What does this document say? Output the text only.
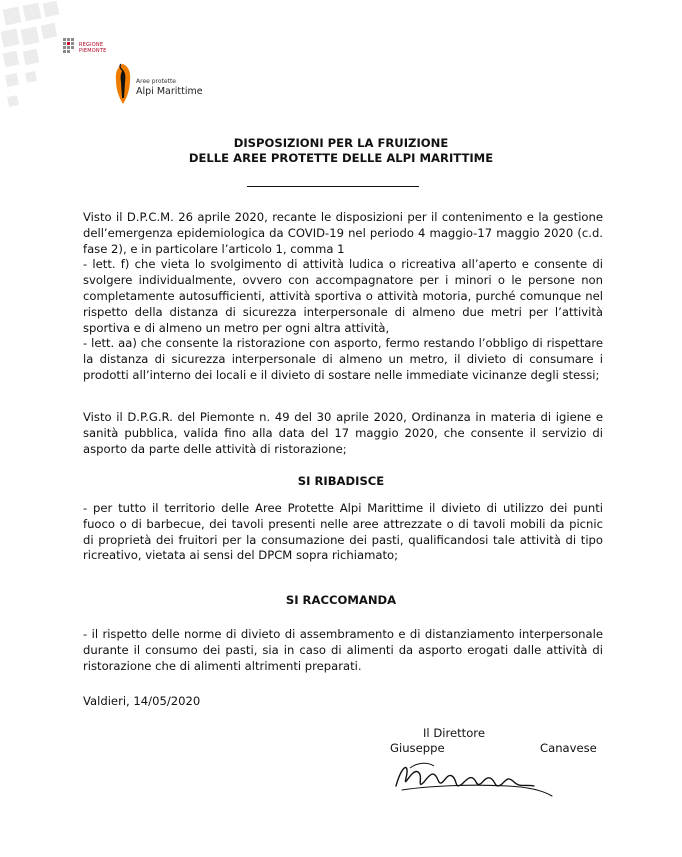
REGIONE PIEMONTE
Aree protette
Alpi Marittime
DISPOSIZIONI PER LA FRUIZIONE
DELLE AREE PROTETTE DELLE ALPI MARITTIME

Visto il D.P.C.M. 26 aprile 2020, recante le disposizioni per il contenimento e la gestione dell’emergenza epidemiologica da COVID-19 nel periodo 4 maggio-17 maggio 2020 (c.d. fase 2), e in particolare l’articolo 1, comma 1

- lett. f) che vieta lo svolgimento di attività ludica o ricreativa all’aperto e consente di svolgere individualmente, ovvero con accompagnatore per i minori o le persone non completamente autosufficienti, attività sportiva o attività motoria, purché comunque nel rispetto della distanza di sicurezza interpersonale di almeno due metri per l’attività sportiva e di almeno un metro per ogni altra attività,

- lett. aa) che consente la ristorazione con asporto, fermo restando l’obbligo di rispettare la distanza di sicurezza interpersonale di almeno un metro, il divieto di consumare i prodotti all’interno dei locali e il divieto di sostare nelle immediate vicinanze degli stessi;

Visto il D.P.G.R. del Piemonte n. 49 del 30 aprile 2020, Ordinanza in materia di igiene e sanità pubblica, valida fino alla data del 17 maggio 2020, che consente il servizio di asporto da parte delle attività di ristorazione;

SI RIBADISCE

- per tutto il territorio delle Aree Protette Alpi Marittime il divieto di utilizzo dei punti fuoco o di barbecue, dei tavoli presenti nelle aree attrezzate o di tavoli mobili da picnic di proprietà dei fruitori per la consumazione dei pasti, qualificandosi tale attività di tipo ricreativo, vietata ai sensi del DPCM sopra richiamato;

SI RACCOMANDA

- il rispetto delle norme di divieto di assembramento e di distanziamento interpersonale durante il consumo dei pasti, sia in caso di alimenti da asporto erogati dalle attività di ristorazione che di alimenti altrimenti preparati.

Valdieri, 14/05/2020
Il Direttore
Giuseppe	Canavese
